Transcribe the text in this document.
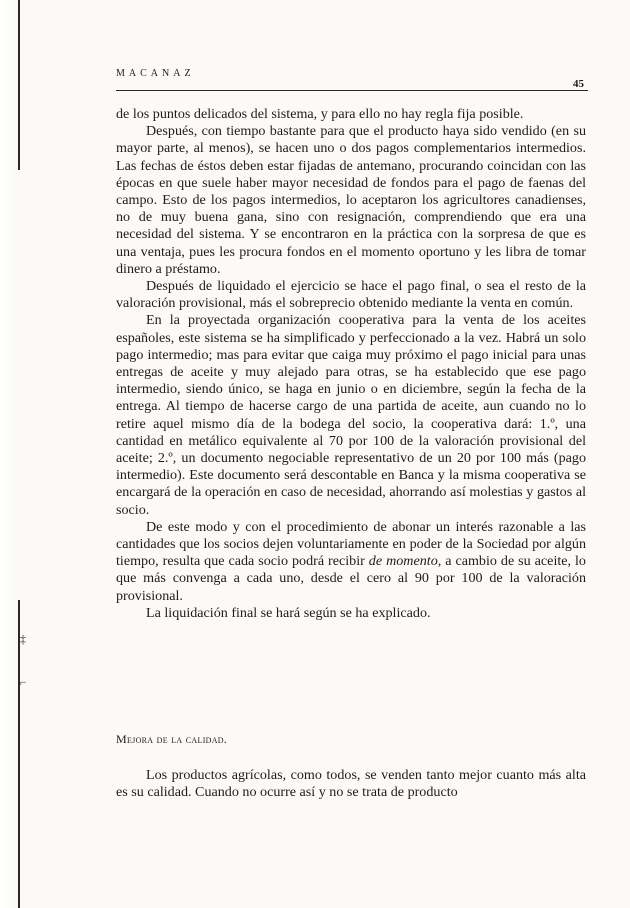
‡
⌐
MACANAZ
45

de los puntos delicados del sistema, y para ello no hay regla fija posible.

Después, con tiempo bastante para que el producto haya sido vendido (en su mayor parte, al menos), se hacen uno o dos pagos complementarios intermedios. Las fechas de éstos deben estar fijadas de antemano, procurando coincidan con las épocas en que suele haber mayor necesidad de fondos para el pago de faenas del campo. Esto de los pagos intermedios, lo aceptaron los agricultores canadienses, no de muy buena gana, sino con resignación, comprendiendo que era una necesidad del sistema. Y se encontraron en la práctica con la sorpresa de que es una ventaja, pues les procura fondos en el momento oportuno y les libra de tomar dinero a préstamo.

Después de liquidado el ejercicio se hace el pago final, o sea el resto de la valoración provisional, más el sobreprecio obtenido mediante la venta en común.

En la proyectada organización cooperativa para la venta de los aceites españoles, este sistema se ha simplificado y perfeccionado a la vez. Habrá un solo pago intermedio; mas para evitar que caiga muy próximo el pago inicial para unas entregas de aceite y muy alejado para otras, se ha establecido que ese pago intermedio, siendo único, se haga en junio o en diciembre, según la fecha de la entrega. Al tiempo de hacerse cargo de una partida de aceite, aun cuando no lo retire aquel mismo día de la bodega del socio, la cooperativa dará: 1.º, una cantidad en metálico equivalente al 70 por 100 de la valoración provisional del aceite; 2.º, un documento negociable representativo de un 20 por 100 más (pago intermedio). Este documento será descontable en Banca y la misma cooperativa se encargará de la operación en caso de necesidad, ahorrando así molestias y gastos al socio.

De este modo y con el procedimiento de abonar un interés razonable a las cantidades que los socios dejen voluntariamente en poder de la Sociedad por algún tiempo, resulta que cada socio podrá recibir de momento, a cambio de su aceite, lo que más convenga a cada uno, desde el cero al 90 por 100 de la valoración provisional.

La liquidación final se hará según se ha explicado.

Mejora de la calidad.

Los productos agrícolas, como todos, se venden tanto mejor cuanto más alta es su calidad. Cuando no ocurre así y no se trata de producto
